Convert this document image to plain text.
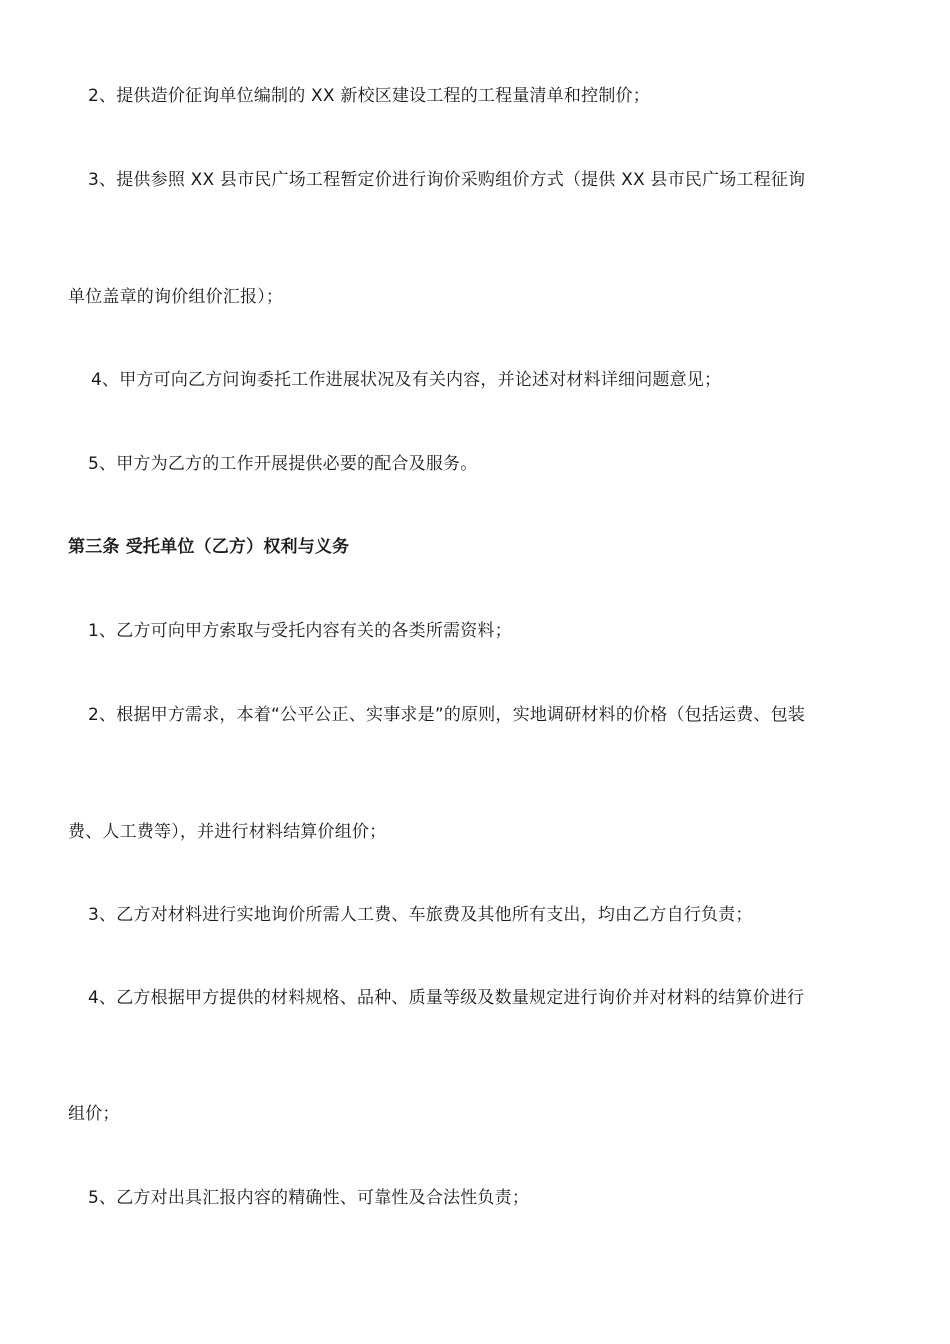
2、提供造价征询单位编制的 XX 新校区建设工程的工程量清单和控制价；
3、提供参照 XX 县市民广场工程暂定价进行询价采购组价方式（提供 XX 县市民广场工程征询
单位盖章的询价组价汇报）；
4、甲方可向乙方问询委托工作进展状况及有关内容，并论述对材料详细问题意见；
5、甲方为乙方的工作开展提供必要的配合及服务。
第三条 受托单位（乙方）权利与义务
1、乙方可向甲方索取与受托内容有关的各类所需资料；
2、根据甲方需求，本着“公平公正、实事求是”的原则，实地调研材料的价格（包括运费、包装
费、人工费等），并进行材料结算价组价；
3、乙方对材料进行实地询价所需人工费、车旅费及其他所有支出，均由乙方自行负责；
4、乙方根据甲方提供的材料规格、品种、质量等级及数量规定进行询价并对材料的结算价进行
组价；
5、乙方对出具汇报内容的精确性、可靠性及合法性负责；
